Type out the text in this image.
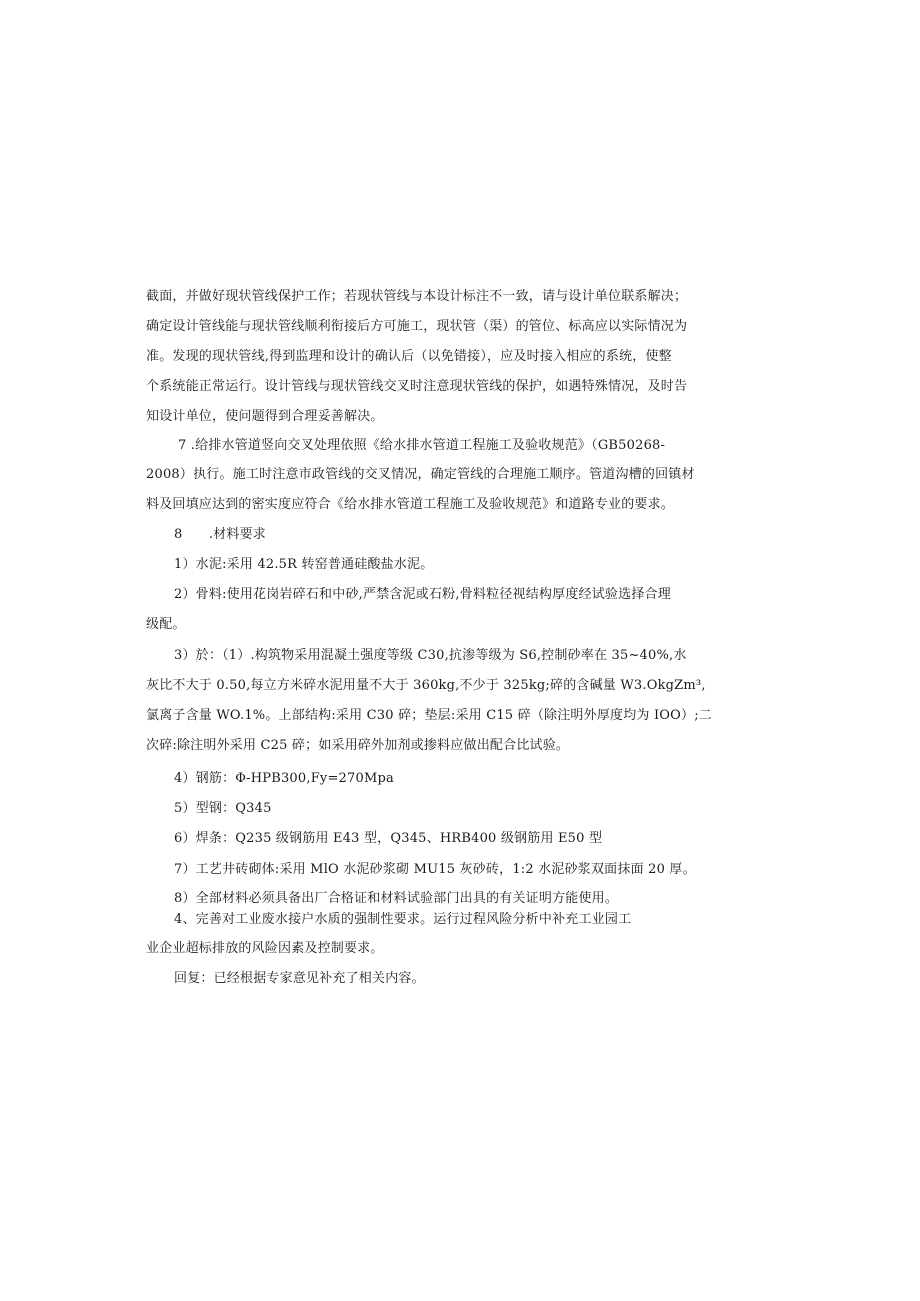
截面，并做好现状管线保护工作；若现状管线与本设计标注不一致，请与设计单位联系解决；
确定设计管线能与现状管线顺利衔接后方可施工，现状管（渠）的管位、标高应以实际情况为
准。发现的现状管线,得到监理和设计的确认后（以免错接），应及时接入相应的系统，使整
个系统能正常运行。设计管线与现状管线交叉时注意现状管线的保护，如遇特殊情况，及时告
知设计单位，使问题得到合理妥善解决。
7 .给排水管道竖向交叉处理依照《给水排水管道工程施工及验收规范》（GB50268-
2008）执行。施工时注意市政管线的交叉情况，确定管线的合理施工顺序。管道沟槽的回镇材
料及回填应达到的密实度应符合《给水排水管道工程施工及验收规范》和道路专业的要求。
8　　.材料要求
1）水泥:采用 42.5R 转窑普通硅酸盐水泥。
2）骨料:使用花岗岩碎石和中砂,严禁含泥或石粉,骨料粒径视结构厚度经试验选择合理
级配。
3）於：（1）.构筑物采用混凝土强度等级 C30,抗渗等级为 S6,控制砂率在 35~40%,水
灰比不大于 0.50,每立方米碎水泥用量不大于 360kg,不少于 325kg;碎的含碱量 W3.OkgZm³,
氯离子含量 WO.1%。上部结构:采用 C30 碎；垫层:采用 C15 碎（除注明外厚度均为 IOO）;二
次碎:除注明外采用 C25 碎；如采用碎外加剂或掺料应做出配合比试验。
4）钢筋：Φ-HPB300,Fy=270Mpa
5）型钢：Q345
6）焊条：Q235 级钢筋用 E43 型，Q345、HRB400 级钢筋用 E50 型
7）工艺井砖砌体:采用 MlO 水泥砂浆砌 MU15 灰砂砖，1:2 水泥砂浆双面抹面 20 厚。
8）全部材料必须具备出厂合格证和材料试验部门出具的有关证明方能使用。
4、完善对工业废水接户水质的强制性要求。运行过程风险分析中补充工业园工
业企业超标排放的风险因素及控制要求。
回复：已经根据专家意见补充了相关内容。
